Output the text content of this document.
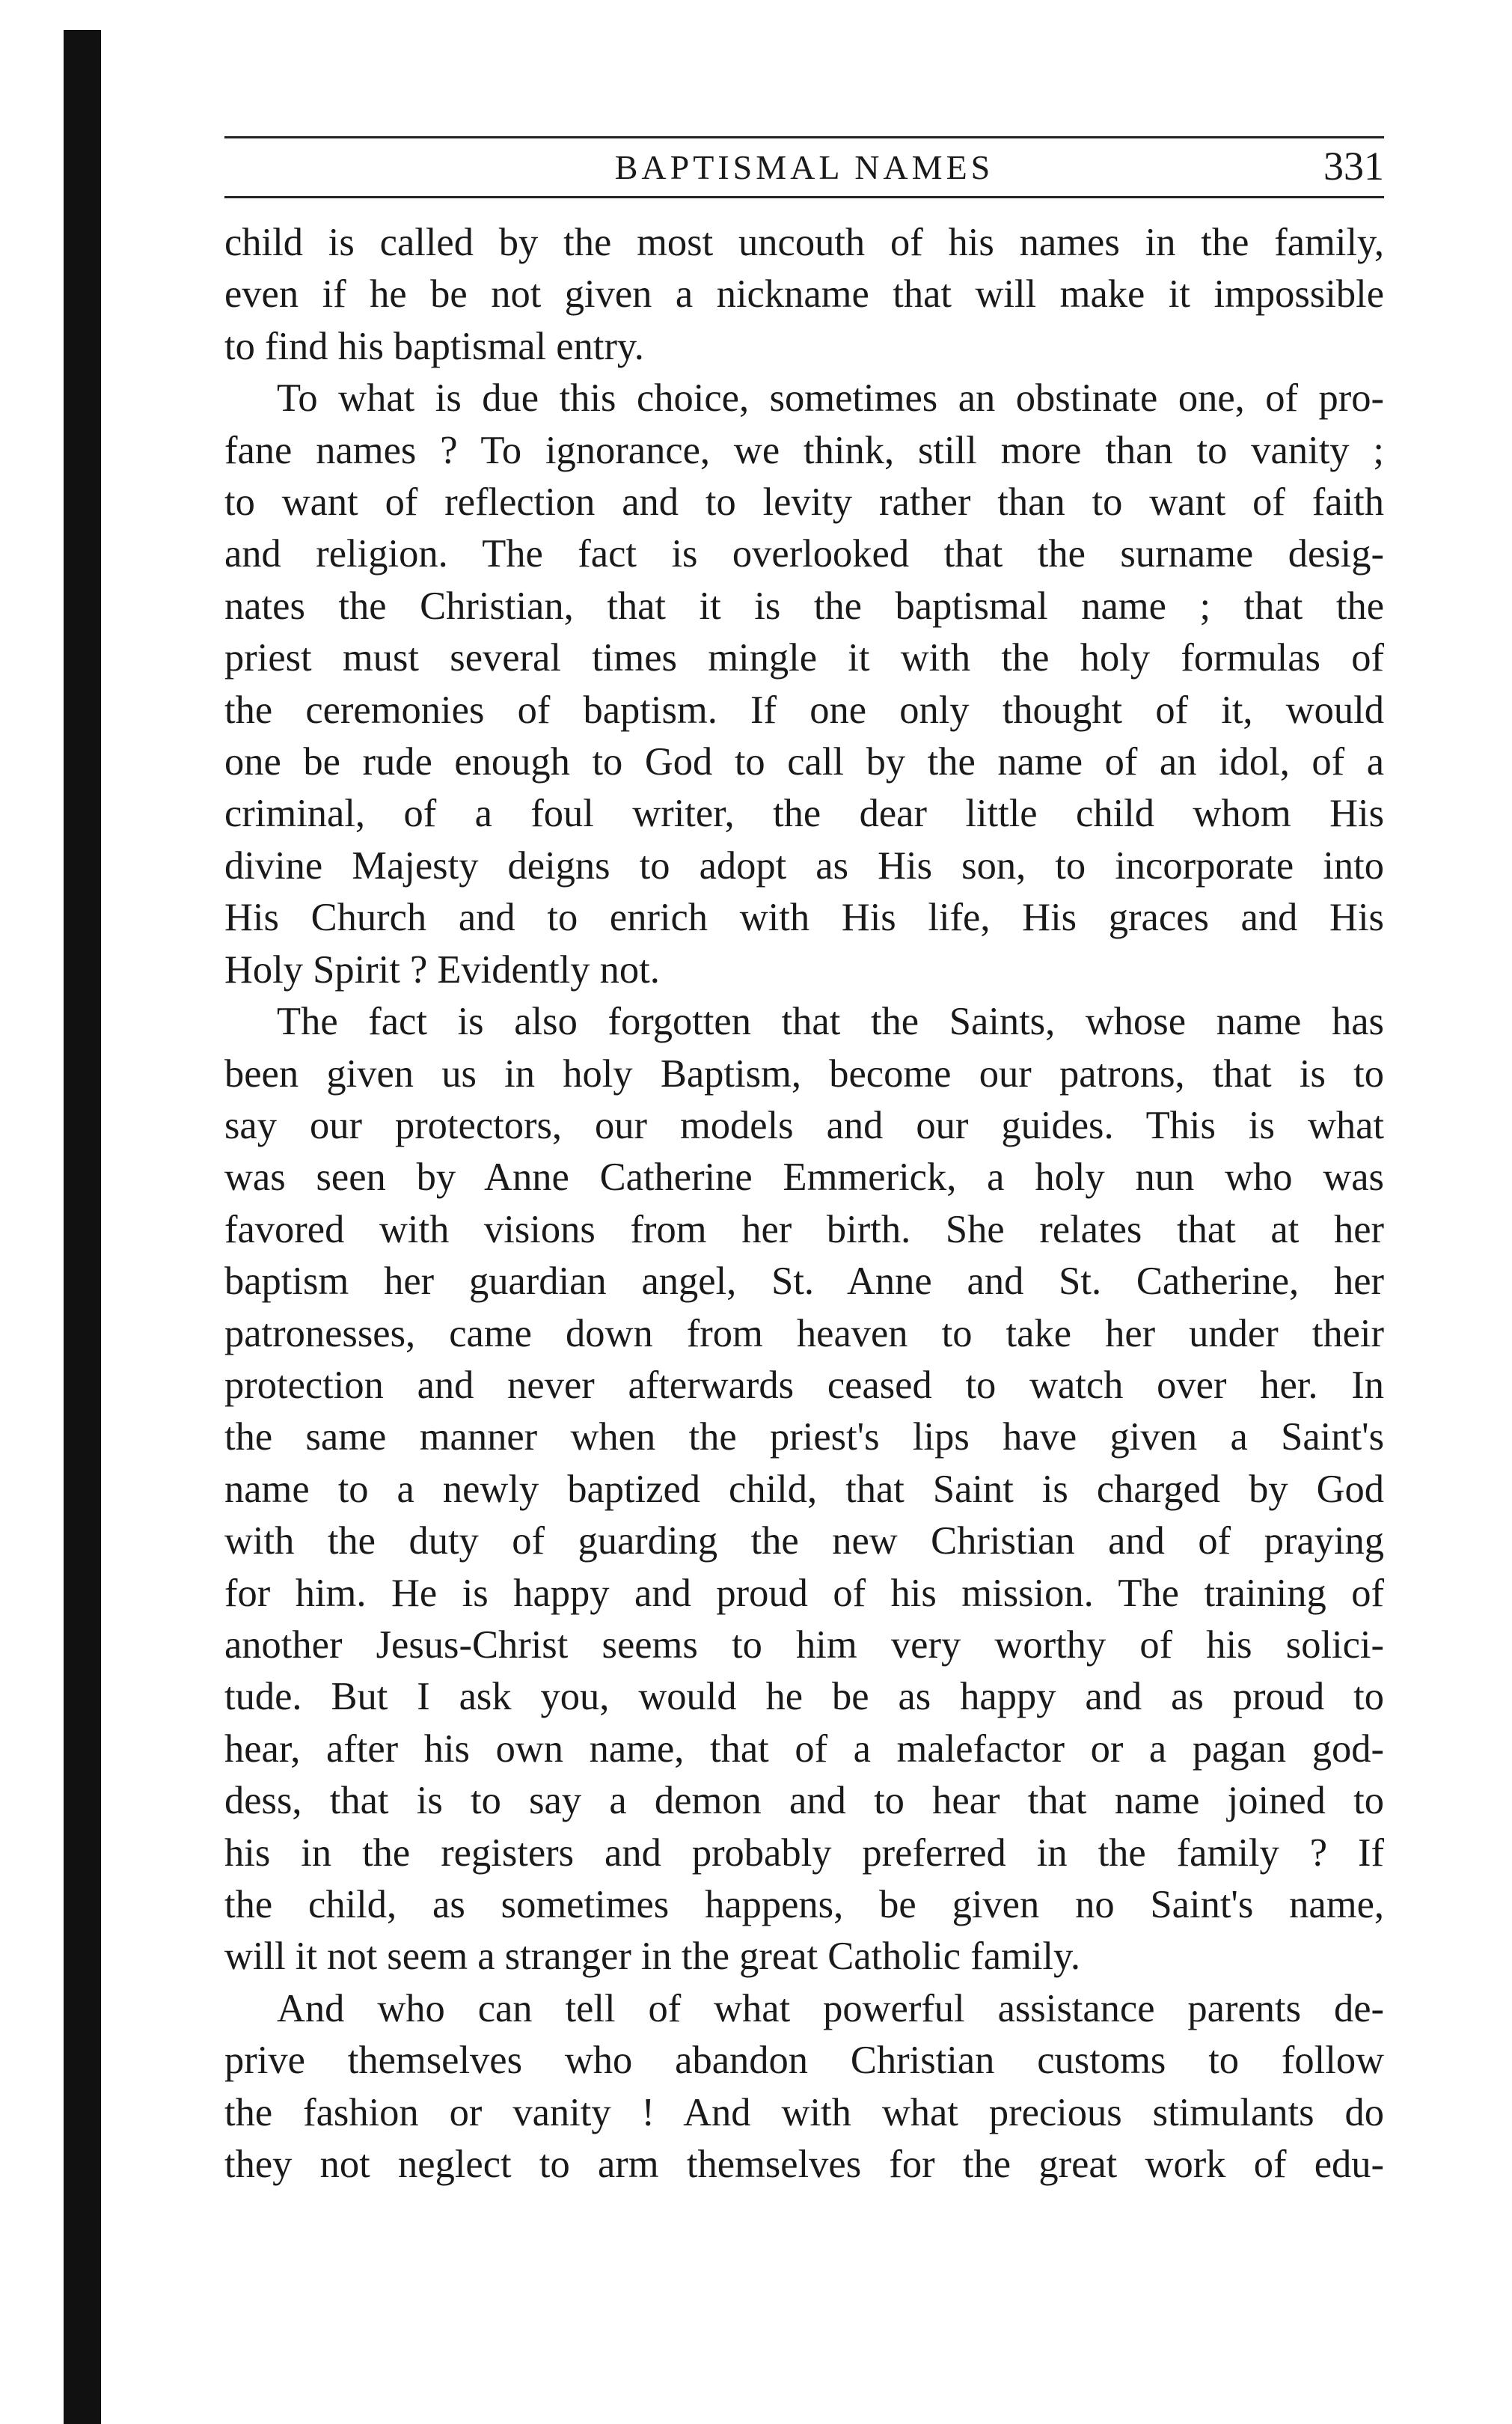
BAPTISMAL NAMES	331

child is called by the most uncouth of his names in the family,
even if he be not given a nickname that will make it impossible
to find his baptismal entry.

To what is due this choice, sometimes an obstinate one, of pro-
fane names ? To ignorance, we think, still more than to vanity ;
to want of reflection and to levity rather than to want of faith
and religion. The fact is overlooked that the surname desig-
nates the Christian, that it is the baptismal name ; that the
priest must several times mingle it with the holy formulas of
the ceremonies of baptism. If one only thought of it, would
one be rude enough to God to call by the name of an idol, of a
criminal, of a foul writer, the dear little child whom His
divine Majesty deigns to adopt as His son, to incorporate into
His Church and to enrich with His life, His graces and His
Holy Spirit ? Evidently not.

The fact is also forgotten that the Saints, whose name has
been given us in holy Baptism, become our patrons, that is to
say our protectors, our models and our guides. This is what
was seen by Anne Catherine Emmerick, a holy nun who was
favored with visions from her birth. She relates that at her
baptism her guardian angel, St. Anne and St. Catherine, her
patronesses, came down from heaven to take her under their
protection and never afterwards ceased to watch over her. In
the same manner when the priest's lips have given a Saint's
name to a newly baptized child, that Saint is charged by God
with the duty of guarding the new Christian and of praying
for him. He is happy and proud of his mission. The training of
another Jesus-Christ seems to him very worthy of his solici-
tude. But I ask you, would he be as happy and as proud to
hear, after his own name, that of a malefactor or a pagan god-
dess, that is to say a demon and to hear that name joined to
his in the registers and probably preferred in the family ? If
the child, as sometimes happens, be given no Saint's name,
will it not seem a stranger in the great Catholic family.

And who can tell of what powerful assistance parents de-
prive themselves who abandon Christian customs to follow
the fashion or vanity ! And with what precious stimulants do
they not neglect to arm themselves for the great work of edu-
